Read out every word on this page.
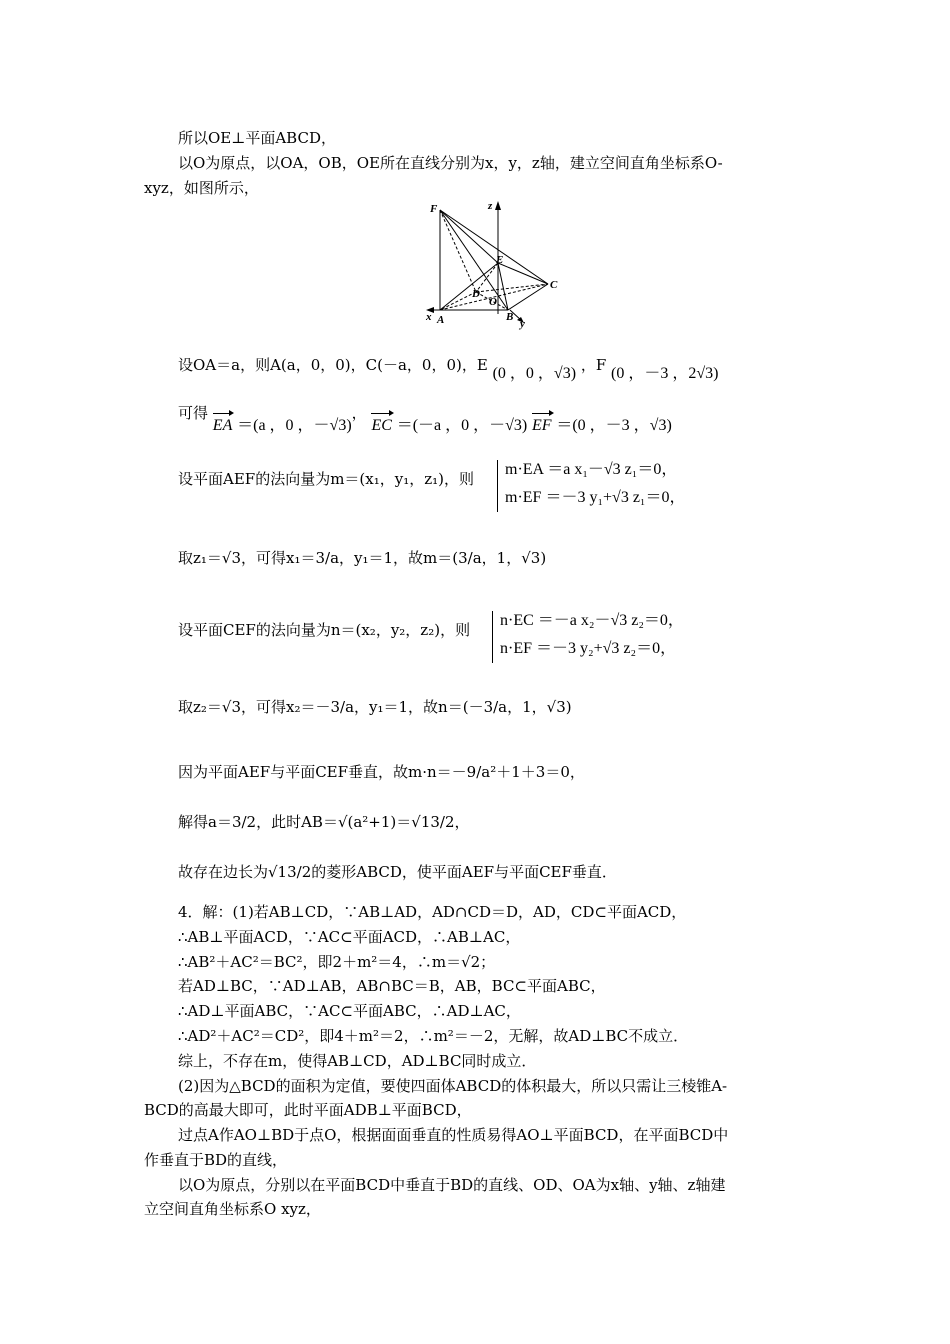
所以OE⊥平面ABCD，
以O为原点，以OA，OB，OE所在直线分别为x，y，z轴，建立空间直角坐标系O-
xyz，如图所示，
F	z
E
C
D
O
A	B
x
y
设OA＝a，则A(a，0，0)，C(－a，0，0)，E (0 ，0 ，√3) ，F (0 ，－3 ，2√3)
可得 EA ＝(a ，0 ，－√3)， EC ＝(－a ，0 ，－√3) EF ＝(0 ，－3 ，√3)
设平面AEF的法向量为m＝(x₁，y₁，z₁)，则
m·EA ＝a x₁－√3 z₁＝0，
m·EF ＝－3 y₁+√3 z₁＝0，
取z₁＝√3，可得x₁＝3/a，y₁＝1，故m＝(3/a，1，√3)
设平面CEF的法向量为n＝(x₂，y₂，z₂)，则
n·EC ＝－a x₂－√3 z₂＝0，
n·EF ＝－3 y₂+√3 z₂＝0，
取z₂＝√3，可得x₂＝－3/a，y₁＝1，故n＝(－3/a，1，√3)
因为平面AEF与平面CEF垂直，故m·n＝－9/a²＋1＋3＝0，
解得a＝3/2，此时AB＝√(a²+1)＝√13/2，
故存在边长为√13/2的菱形ABCD，使平面AEF与平面CEF垂直．
4．解：(1)若AB⊥CD，∵AB⊥AD，AD∩CD＝D，AD，CD⊂平面ACD，
∴AB⊥平面ACD，∵AC⊂平面ACD，∴AB⊥AC，
∴AB²＋AC²＝BC²，即2＋m²＝4，∴m＝√2；
若AD⊥BC，∵AD⊥AB，AB∩BC＝B，AB，BC⊂平面ABC，
∴AD⊥平面ABC，∵AC⊂平面ABC，∴AD⊥AC，
∴AD²＋AC²＝CD²，即4＋m²＝2，∴m²＝－2，无解，故AD⊥BC不成立．
综上，不存在m，使得AB⊥CD，AD⊥BC同时成立．
(2)因为△BCD的面积为定值，要使四面体ABCD的体积最大，所以只需让三棱锥A-
BCD的高最大即可，此时平面ADB⊥平面BCD，
过点A作AO⊥BD于点O，根据面面垂直的性质易得AO⊥平面BCD，在平面BCD中
作垂直于BD的直线，
以O为原点，分别以在平面BCD中垂直于BD的直线、OD、OA为x轴、y轴、z轴建
立空间直角坐标系O xyz，
